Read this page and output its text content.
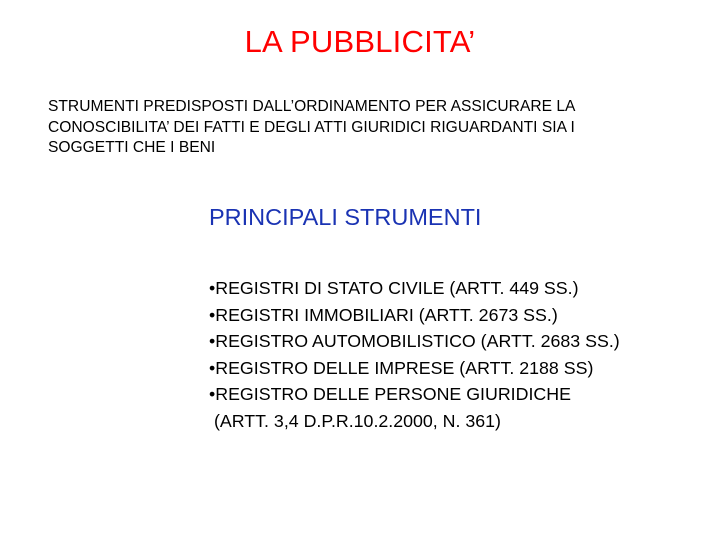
LA PUBBLICITA’

STRUMENTI PREDISPOSTI DALL’ORDINAMENTO PER ASSICURARE LA
CONOSCIBILITA’ DEI FATTI E DEGLI ATTI GIURIDICI RIGUARDANTI SIA I
SOGGETTI CHE I BENI

PRINCIPALI STRUMENTI
•REGISTRI DI STATO CIVILE (ARTT. 449 SS.)
•REGISTRI IMMOBILIARI (ARTT. 2673 SS.)
•REGISTRO AUTOMOBILISTICO (ARTT. 2683 SS.)
•REGISTRO DELLE IMPRESE (ARTT. 2188 SS)
•REGISTRO DELLE PERSONE GIURIDICHE
(ARTT. 3,4 D.P.R.10.2.2000, N. 361)
